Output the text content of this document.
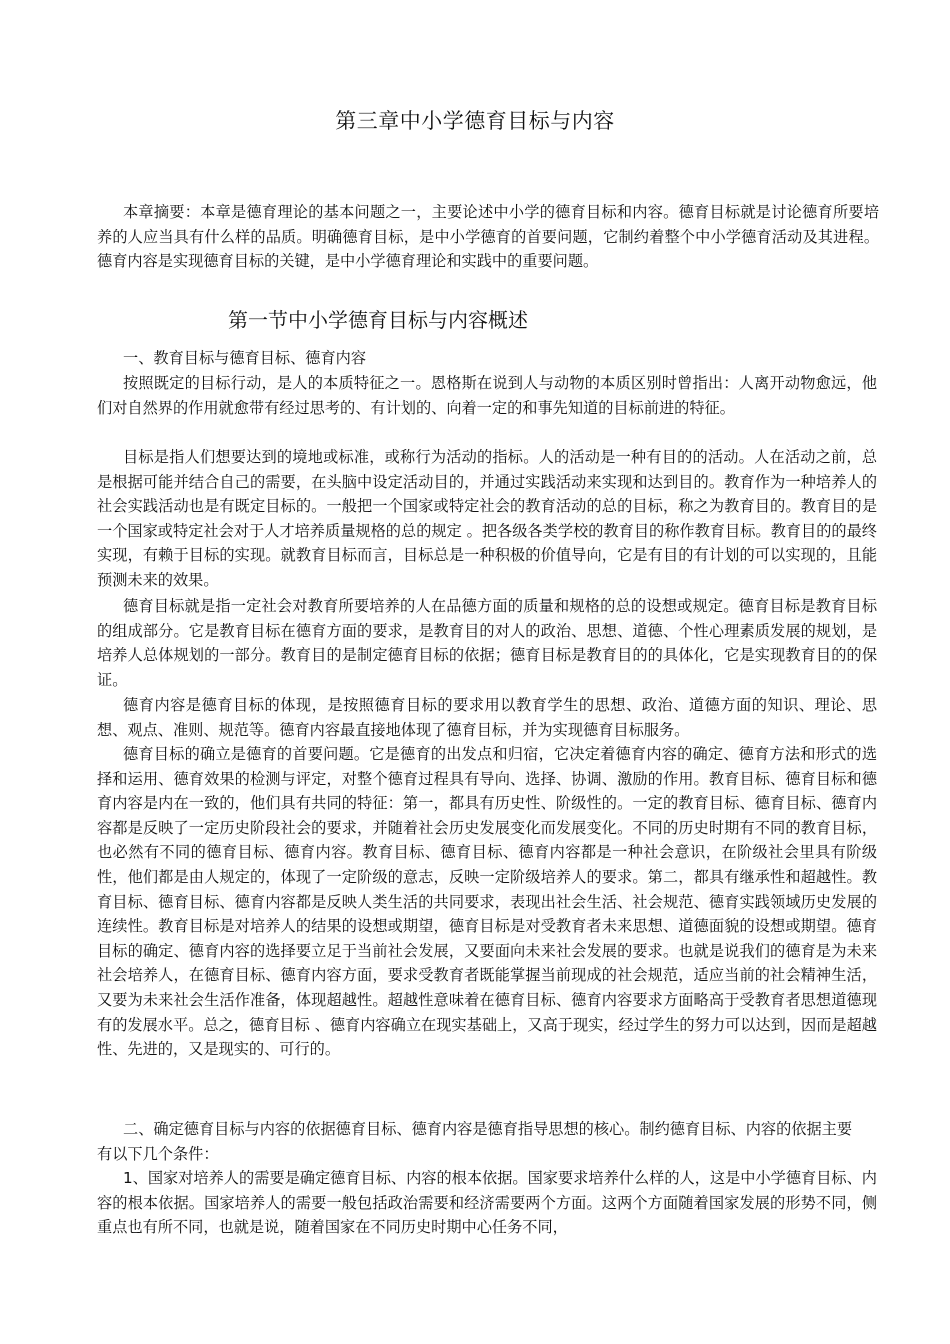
第三章中小学德育目标与内容

本章摘要：本章是德育理论的基本问题之一，主要论述中小学的德育目标和内容。德育目标就是讨论德育所要培养的人应当具有什么样的品质。明确德育目标，是中小学德育的首要问题，它制约着整个中小学德育活动及其进程。德育内容是实现德育目标的关键，是中小学德育理论和实践中的重要问题。

第一节中小学德育目标与内容概述

一、教育目标与德育目标、德育内容

按照既定的目标行动，是人的本质特征之一。恩格斯在说到人与动物的本质区别时曾指出：人离开动物愈远，他们对自然界的作用就愈带有经过思考的、有计划的、向着一定的和事先知道的目标前进的特征。

目标是指人们想要达到的境地或标准，或称行为活动的指标。人的活动是一种有目的的活动。人在活动之前，总是根据可能并结合自己的需要，在头脑中设定活动目的，并通过实践活动来实现和达到目的。教育作为一种培养人的社会实践活动也是有既定目标的。一般把一个国家或特定社会的教育活动的总的目标，称之为教育目的。教育目的是一个国家或特定社会对于人才培养质量规格的总的规定 。把各级各类学校的教育目的称作教育目标。教育目的的最终实现，有赖于目标的实现。就教育目标而言，目标总是一种积极的价值导向，它是有目的有计划的可以实现的，且能预测未来的效果。

德育目标就是指一定社会对教育所要培养的人在品德方面的质量和规格的总的设想或规定。德育目标是教育目标的组成部分。它是教育目标在德育方面的要求，是教育目的对人的政治、思想、道德、个性心理素质发展的规划，是培养人总体规划的一部分。教育目的是制定德育目标的依据；德育目标是教育目的的具体化，它是实现教育目的的保证。

德育内容是德育目标的体现，是按照德育目标的要求用以教育学生的思想、政治、道德方面的知识、理论、思想、观点、准则、规范等。德育内容最直接地体现了德育目标，并为实现德育目标服务。

德育目标的确立是德育的首要问题。它是德育的出发点和归宿，它决定着德育内容的确定、德育方法和形式的选择和运用、德育效果的检测与评定，对整个德育过程具有导向、选择、协调、激励的作用。教育目标、德育目标和德育内容是内在一致的，他们具有共同的特征：第一，都具有历史性、阶级性的。一定的教育目标、德育目标、德育内容都是反映了一定历史阶段社会的要求，并随着社会历史发展变化而发展变化。不同的历史时期有不同的教育目标，也必然有不同的德育目标、德育内容。教育目标、德育目标、德育内容都是一种社会意识，在阶级社会里具有阶级性，他们都是由人规定的，体现了一定阶级的意志，反映一定阶级培养人的要求。第二，都具有继承性和超越性。教育目标、德育目标、德育内容都是反映人类生活的共同要求，表现出社会生活、社会规范、德育实践领域历史发展的连续性。教育目标是对培养人的结果的设想或期望，德育目标是对受教育者未来思想、道德面貌的设想或期望。德育目标的确定、德育内容的选择要立足于当前社会发展，又要面向未来社会发展的要求。也就是说我们的德育是为未来社会培养人，在德育目标、德育内容方面，要求受教育者既能掌握当前现成的社会规范，适应当前的社会精神生活，又要为未来社会生活作准备，体现超越性。超越性意味着在德育目标、德育内容要求方面略高于受教育者思想道德现有的发展水平。总之，德育目标 、德育内容确立在现实基础上，又高于现实，经过学生的努力可以达到，因而是超越性、先进的，又是现实的、可行的。

二、确定德育目标与内容的依据德育目标、德育内容是德育指导思想的核心。制约德育目标、内容的依据主要有以下几个条件：

1、国家对培养人的需要是确定德育目标、内容的根本依据。国家要求培养什么样的人，这是中小学德育目标、内容的根本依据。国家培养人的需要一般包括政治需要和经济需要两个方面。这两个方面随着国家发展的形势不同，侧重点也有所不同，也就是说，随着国家在不同历史时期中心任务不同，
